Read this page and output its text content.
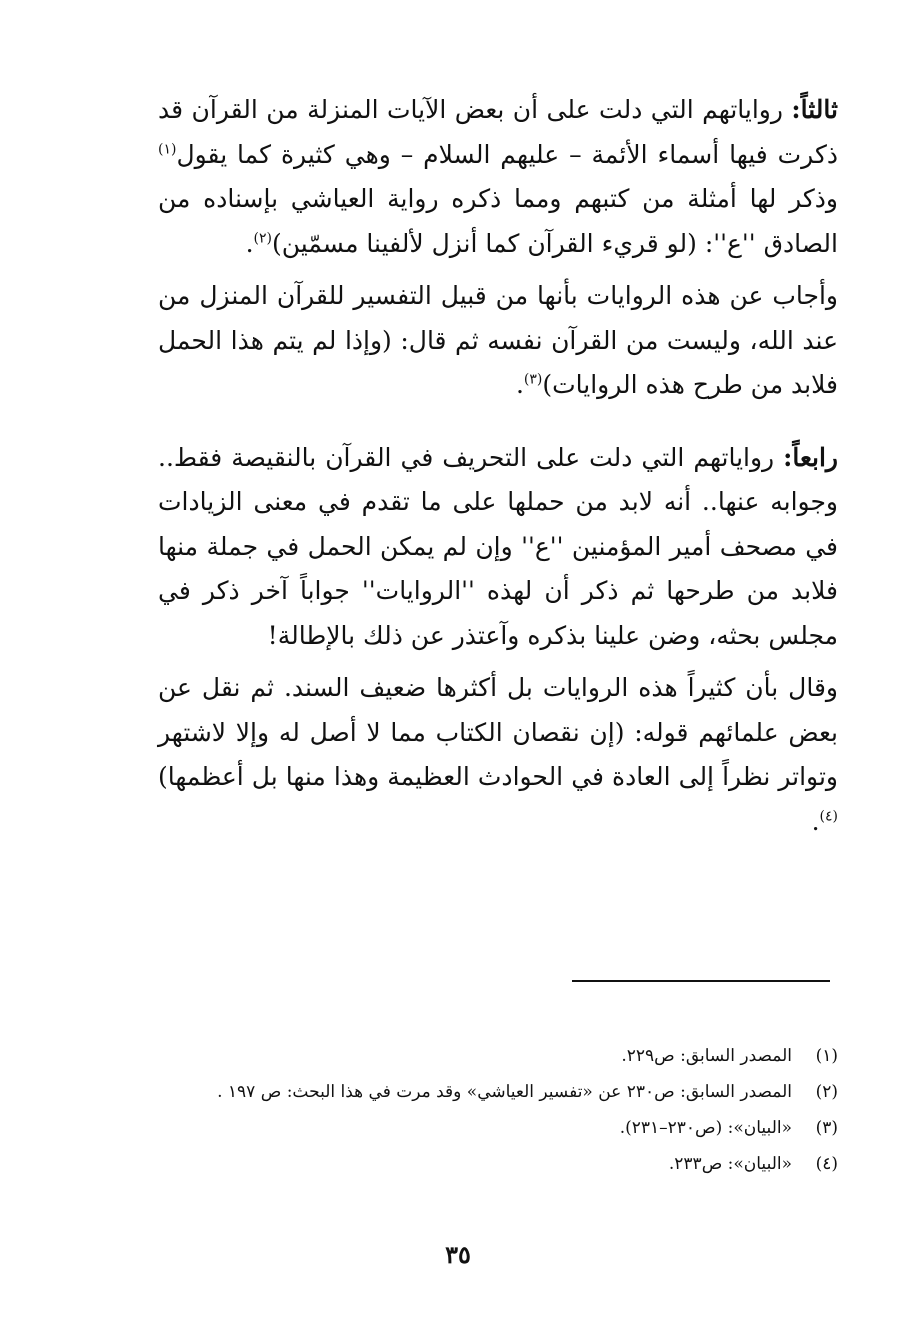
ثالثاً: رواياتهم التي دلت على أن بعض الآيات المنزلة من القرآن قد ذكرت فيها أسماء الأئمة – عليهم السلام – وهي كثيرة كما يقول$^{(١)}$ وذكر لها أمثلة من كتبهم ومما ذكره رواية العياشي بإسناده من الصادق ''ع'': (لو قريء القرآن كما أنزل لألفينا مسمّين)$^{(٢)}$.

وأجاب عن هذه الروايات بأنها من قبيل التفسير للقرآن المنزل من عند الله، وليست من القرآن نفسه ثم قال: (وإذا لم يتم هذا الحمل فلابد من طرح هذه الروايات)$^{(٣)}$.

رابعاً: رواياتهم التي دلت على التحريف في القرآن بالنقيصة فقط.. وجوابه عنها.. أنه لابد من حملها على ما تقدم في معنى الزيادات في مصحف أمير المؤمنين ''ع'' وإن لم يمكن الحمل في جملة منها فلابد من طرحها ثم ذكر أن لهذه ''الروايات'' جواباً آخر ذكر في مجلس بحثه، وضن علينا بذكره وآعتذر عن ذلك بالإطالة!

وقال بأن كثيراً هذه الروايات بل أكثرها ضعيف السند. ثم نقل عن بعض علمائهم قوله: (إن نقصان الكتاب مما لا أصل له وإلا لاشتهر وتواتر نظراً إلى العادة في الحوادث العظيمة وهذا منها بل أعظمها)$^{(٤)}$.

(١)
المصدر السابق: ص٢٢٩.
(٢)
المصدر السابق: ص٢٣٠ عن «تفسير العياشي» وقد مرت في هذا البحث: ص ١٩٧ .
(٣)
«البيان»: (ص٢٣٠–٢٣١).
(٤)
«البيان»: ص٢٣٣.
٣٥
